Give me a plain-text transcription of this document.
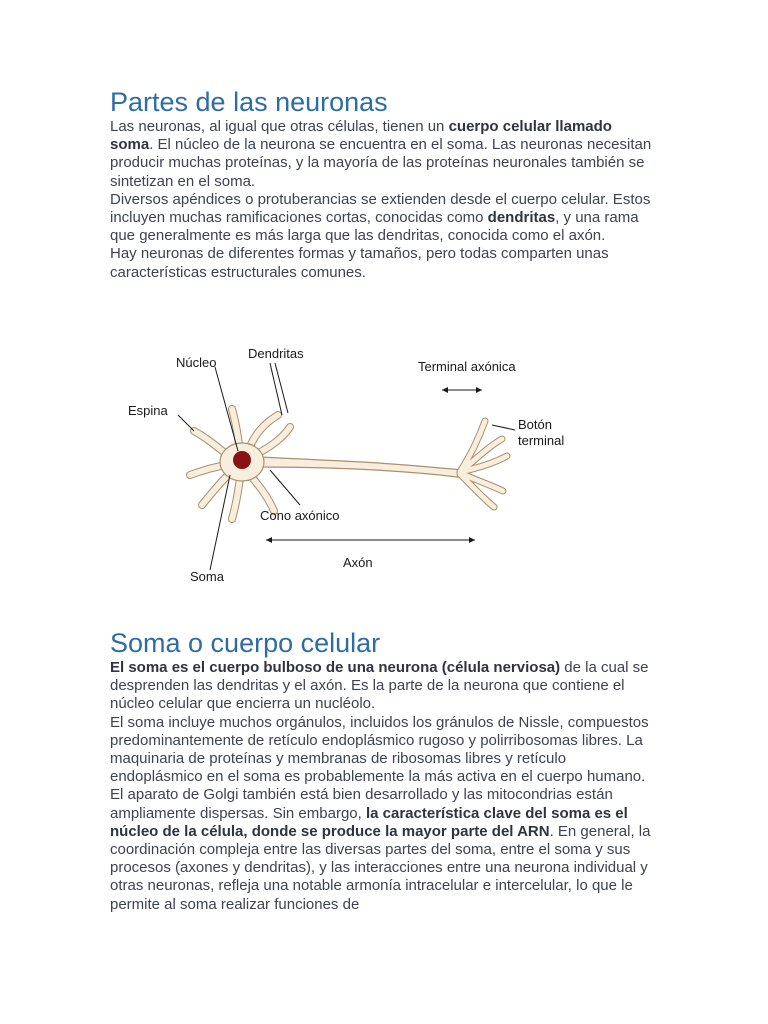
Partes de las neuronas

Las neuronas, al igual que otras células, tienen un cuerpo celular llamado soma. El núcleo de la neurona se encuentra en el soma. Las neuronas necesitan producir muchas proteínas, y la mayoría de las proteínas neuronales también se sintetizan en el soma.

Diversos apéndices o protuberancias se extienden desde el cuerpo celular. Estos incluyen muchas ramificaciones cortas, conocidas como dendritas, y una rama que generalmente es más larga que las dendritas, conocida como el axón.

Hay neuronas de diferentes formas y tamaños, pero todas comparten unas características estructurales comunes.

Núcleo
Dendritas
Terminal axónica
Espina
Botón
terminal
Cono axónico
Axón
Soma
Soma o cuerpo celular

El soma es el cuerpo bulboso de una neurona (célula nerviosa) de la cual se desprenden las dendritas y el axón. Es la parte de la neurona que contiene el núcleo celular que encierra un nucléolo.

El soma incluye muchos orgánulos, incluidos los gránulos de Nissle, compuestos predominantemente de retículo endoplásmico rugoso y polirribosomas libres. La maquinaria de proteínas y membranas de ribosomas libres y retículo endoplásmico en el soma es probablemente la más activa en el cuerpo humano. El aparato de Golgi también está bien desarrollado y las mitocondrias están ampliamente dispersas. Sin embargo, la característica clave del soma es el núcleo de la célula, donde se produce la mayor parte del ARN. En general, la coordinación compleja entre las diversas partes del soma, entre el soma y sus procesos (axones y dendritas), y las interacciones entre una neurona individual y otras neuronas, refleja una notable armonía intracelular e intercelular, lo que le permite al soma realizar funciones de
